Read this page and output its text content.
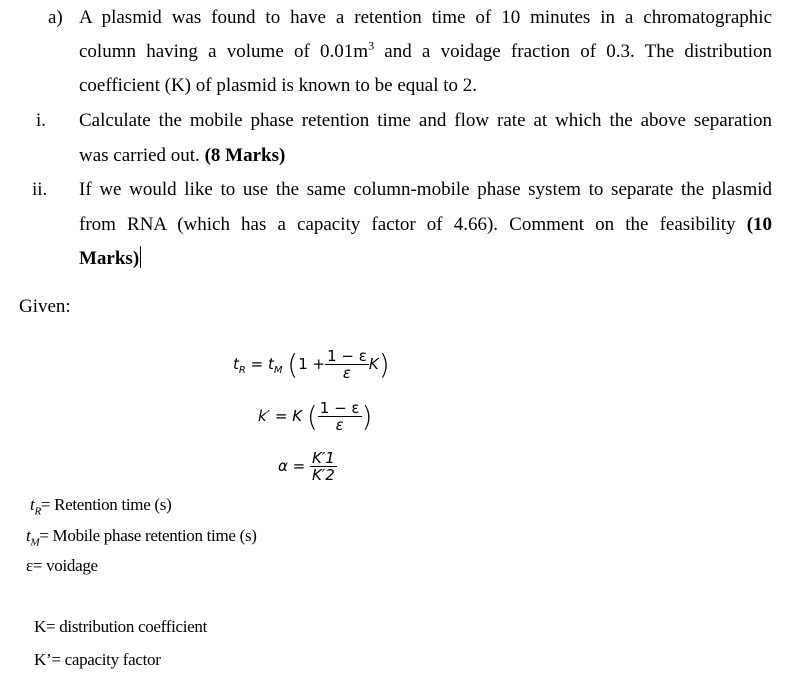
a) A plasmid was found to have a retention time of 10 minutes in a chromatographic
column having a volume of $0.01m^3$ and a voidage fraction of 0.3. The distribution
coefficient (K) of plasmid is known to be equal to 2.
i. Calculate the mobile phase retention time and flow rate at which the above separation
was carried out. (8 Marks)
ii. If we would like to use the same column-mobile phase system to separate the plasmid
from RNA (which has a capacity factor of 4.66). Comment on the feasibility (10
Marks)
Given:
$t_R = t_M$ $(1 + \frac{1 - \varepsilon}{\varepsilon} K)$
k′ = K ( $\frac{1 - \varepsilon}{\varepsilon}$ )
$\alpha = \frac{K'1}{K'2}$
$t_R=$ Retention time (s)
$t_M=$ Mobile phase retention time (s)
ε= voidage
K= distribution coefficient
K’= capacity factor
